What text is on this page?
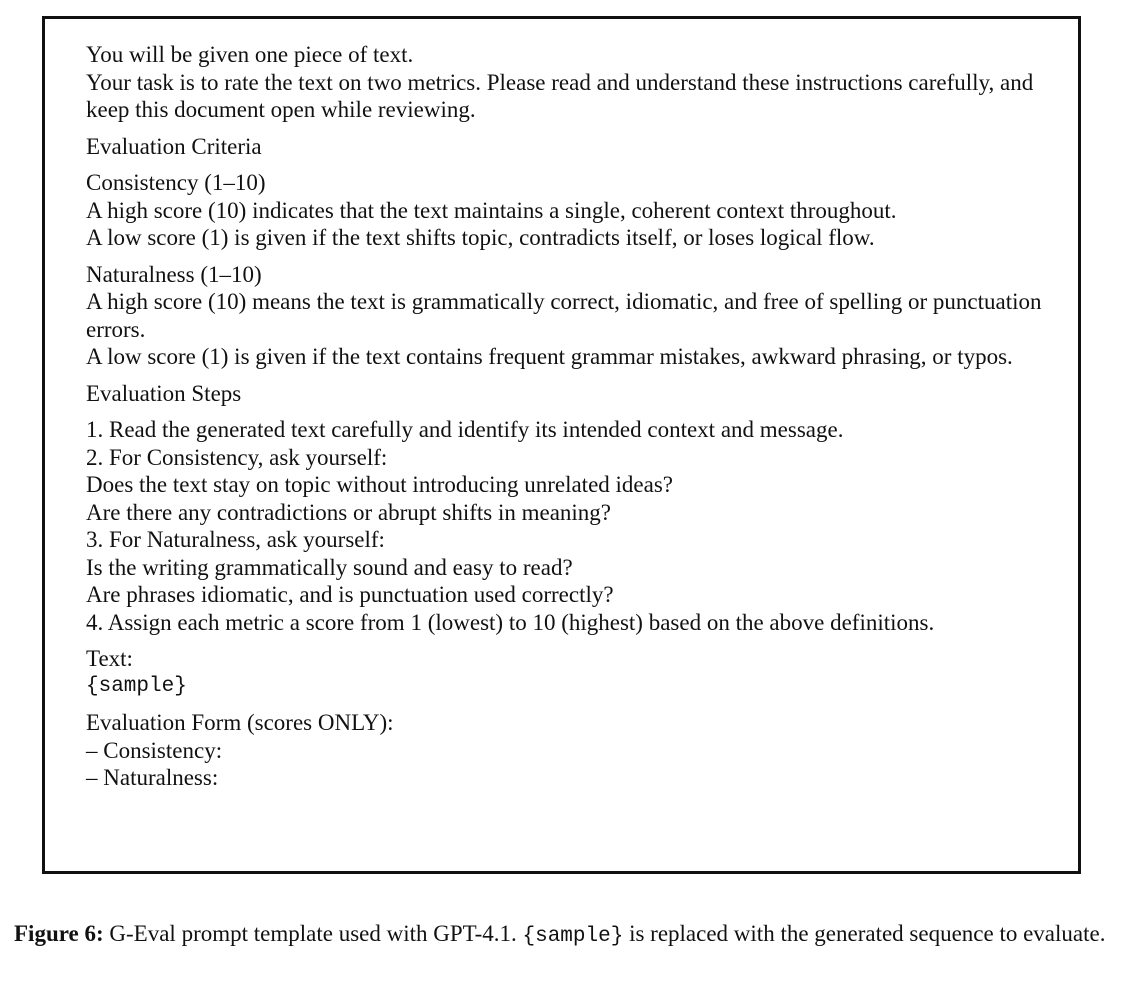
You will be given one piece of text.

Your task is to rate the text on two metrics. Please read and understand these instructions carefully, and keep this document open while reviewing.

Evaluation Criteria

Consistency (1–10)

A high score (10) indicates that the text maintains a single, coherent context throughout.

A low score (1) is given if the text shifts topic, contradicts itself, or loses logical flow.

Naturalness (1–10)

A high score (10) means the text is grammatically correct, idiomatic, and free of spelling or punctuation errors.

A low score (1) is given if the text contains frequent grammar mistakes, awkward phrasing, or typos.

Evaluation Steps

1. Read the generated text carefully and identify its intended context and message.

2. For Consistency, ask yourself:

Does the text stay on topic without introducing unrelated ideas?

Are there any contradictions or abrupt shifts in meaning?

3. For Naturalness, ask yourself:

Is the writing grammatically sound and easy to read?

Are phrases idiomatic, and is punctuation used correctly?

4. Assign each metric a score from 1 (lowest) to 10 (highest) based on the above definitions.

Text:

{sample}

Evaluation Form (scores ONLY):

– Consistency:

– Naturalness:

Figure 6: G-Eval prompt template used with GPT-4.1. {sample} is replaced with the generated sequence to evaluate.
